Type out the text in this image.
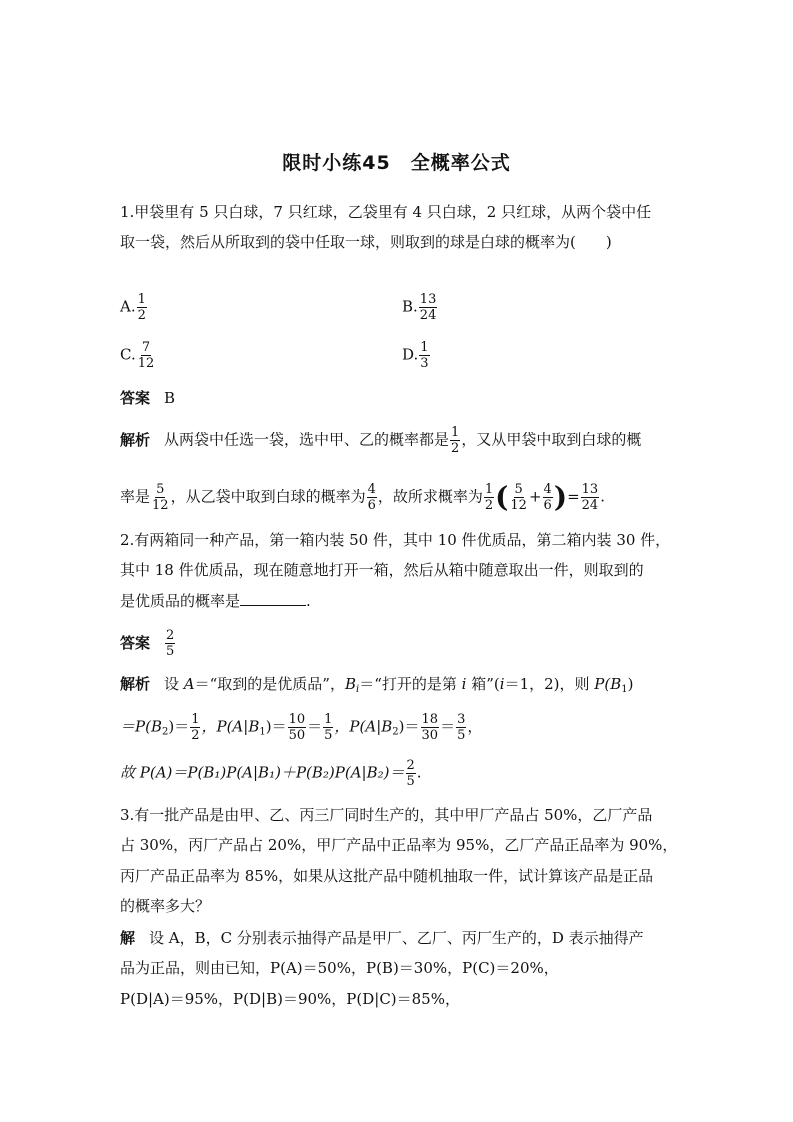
限时小练45　全概率公式
1.甲袋里有 5 只白球，7 只红球，乙袋里有 4 只白球，2 只红球，从两个袋中任
取一袋，然后从所取到的袋中任取一球，则取到的球是白球的概率为(　　)
A. $\frac{1}{2}$	B. $\frac{13}{24}$
C. $\frac{7}{12}$	D. $\frac{1}{3}$
答案 B
解析 从两袋中任选一袋，选中甲、乙的概率都是 $\frac{1}{2}$ ，又从甲袋中取到白球的概
率是 $\frac{5}{12}$ ，从乙袋中取到白球的概率为 $\frac{4}{6}$ ，故所求概率为 $\frac{1}{2}$ ( $\frac{5}{12} + \frac{4}{6}$ )= $\frac{13}{24}$ .
2.有两箱同一种产品，第一箱内装 50 件，其中 10 件优质品，第二箱内装 30 件，
其中 18 件优质品，现在随意地打开一箱，然后从箱中随意取出一件，则取到的
是优质品的概率是	.
答案 $\frac{2}{5}$
解析 设 A＝“取到的是优质品”，$B_i=“$打开的是第 i 箱”(i＝1，2)，则 $P(B_1)$
$=P(B_2)= \frac{1}{2}$ ，$P(A|B_1)= \frac{10}{50} = \frac{1}{5}$ ，$P(A|B_2)= \frac{18}{30} = \frac{3}{5}$ ，
故 $P(A)=P(B_1)P(A|B_1)+P(B_2)P(A|B_2)= \frac{2}{5}$ .
3.有一批产品是由甲、乙、丙三厂同时生产的，其中甲厂产品占 50%，乙厂产品
占 30%，丙厂产品占 20%，甲厂产品中正品率为 95%，乙厂产品正品率为 90%，
丙厂产品正品率为 85%，如果从这批产品中随机抽取一件，试计算该产品是正品
的概率多大？
解 设 A，B，C 分别表示抽得产品是甲厂、乙厂、丙厂生产的，D 表示抽得产
品为正品，则由已知，P(A)＝50%，P(B)＝30%，P(C)＝20%，
P(D|A)＝95%，P(D|B)＝90%，P(D|C)＝85%，
